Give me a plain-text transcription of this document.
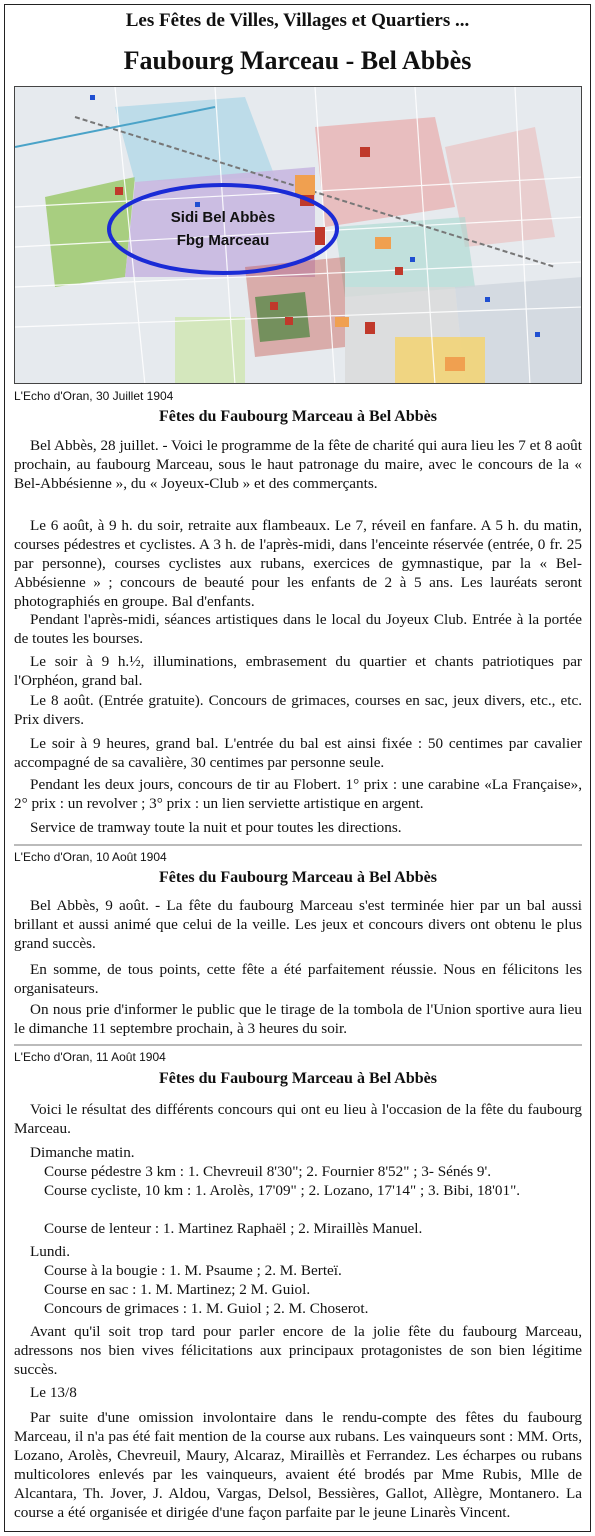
Les Fêtes de Villes, Villages et Quartiers ...
Faubourg Marceau - Bel Abbès
Sidi Bel Abbès
Fbg Marceau
L'Echo d'Oran, 30 Juillet 1904
Fêtes du Faubourg Marceau à Bel Abbès

Bel Abbès, 28 juillet. - Voici le programme de la fête de charité qui aura lieu les 7 et 8 août prochain, au faubourg Marceau, sous le haut patronage du maire, avec le concours de la « Bel-Abbésienne », du « Joyeux-Club » et des commerçants.

Le 6 août, à 9 h. du soir, retraite aux flambeaux. Le 7, réveil en fanfare. A 5 h. du matin, courses pédestres et cyclistes. A 3 h. de l'après-midi, dans l'enceinte réservée (entrée, 0 fr. 25 par personne), courses cyclistes aux rubans, exercices de gymnastique, par la « Bel-Abbésienne » ; concours de beauté pour les enfants de 2 à 5 ans. Les lauréats seront photographiés en groupe. Bal d'enfants.

Pendant l'après-midi, séances artistiques dans le local du Joyeux Club. Entrée à la portée de toutes les bourses.

Le soir à 9 h.½, illuminations, embrasement du quartier et chants patriotiques par l'Orphéon, grand bal.

Le 8 août. (Entrée gratuite). Concours de grimaces, courses en sac, jeux divers, etc., etc. Prix divers.

Le soir à 9 heures, grand bal. L'entrée du bal est ainsi fixée : 50 centimes par cavalier accompagné de sa cavalière, 30 centimes par personne seule.

Pendant les deux jours, concours de tir au Flobert. 1° prix : une carabine «La Française», 2° prix : un revolver ; 3° prix : un lien serviette artistique en argent.

Service de tramway toute la nuit et pour toutes les directions.

L'Echo d'Oran, 10 Août 1904
Fêtes du Faubourg Marceau à Bel Abbès

Bel Abbès, 9 août. - La fête du faubourg Marceau s'est terminée hier par un bal aussi brillant et aussi animé que celui de la veille. Les jeux et concours divers ont obtenu le plus grand succès.

En somme, de tous points, cette fête a été parfaitement réussie. Nous en félicitons les organisateurs.

On nous prie d'informer le public que le tirage de la tombola de l'Union sportive aura lieu le dimanche 11 septembre prochain, à 3 heures du soir.

L'Echo d'Oran, 11 Août 1904
Fêtes du Faubourg Marceau à Bel Abbès

Voici le résultat des différents concours qui ont eu lieu à l'occasion de la fête du faubourg Marceau.

Dimanche matin.

Course pédestre 3 km : 1. Chevreuil 8'30"; 2. Fournier 8'52" ; 3- Sénés 9'.

Course cycliste, 10 km : 1. Arolès, 17'09" ; 2. Lozano, 17'14" ; 3. Bibi, 18'01".

Course de lenteur : 1. Martinez Raphaël ; 2. Miraillès Manuel.

Lundi.

Course à la bougie : 1. M. Psaume ; 2. M. Berteï.

Course en sac : 1. M. Martinez; 2 M. Guiol.

Concours de grimaces : 1. M. Guiol ; 2. M. Choserot.

Avant qu'il soit trop tard pour parler encore de la jolie fête du faubourg Marceau, adressons nos bien vives félicitations aux principaux protagonistes de son bien légitime succès.

Le 13/8

Par suite d'une omission involontaire dans le rendu-compte des fêtes du faubourg Marceau, il n'a pas été fait mention de la course aux rubans. Les vainqueurs sont : MM. Orts, Lozano, Arolès, Chevreuil, Maury, Alcaraz, Miraillès et Ferrandez. Les écharpes ou rubans multicolores enlevés par les vainqueurs, avaient été brodés par Mme Rubis, Mlle de Alcantara, Th. Jover, J. Aldou, Vargas, Delsol, Bessières, Gallot, Allègre, Montanero. La course a été organisée et dirigée d'une façon parfaite par le jeune Linarès Vincent.
